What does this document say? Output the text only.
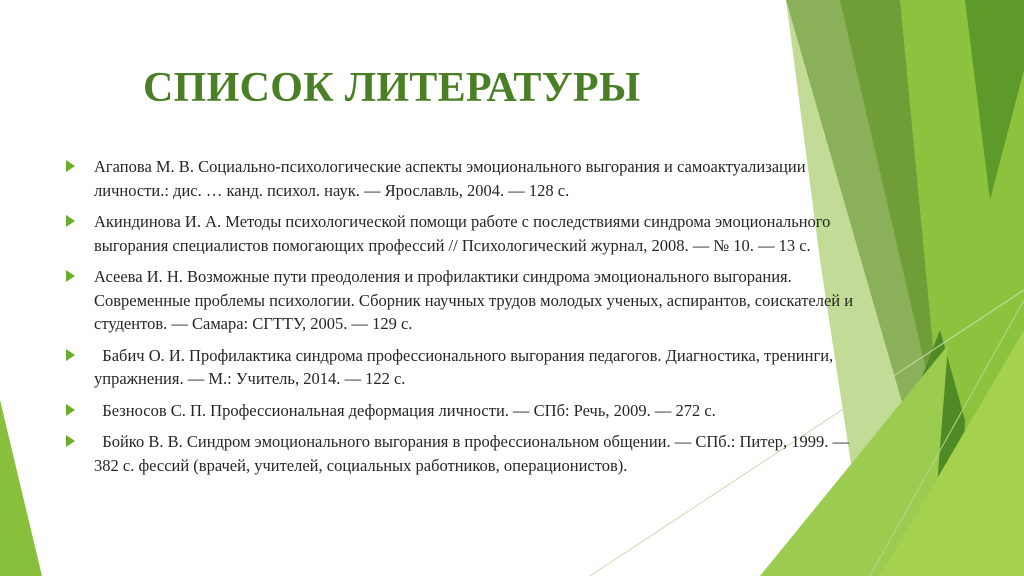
СПИСОК ЛИТЕРАТУРЫ
Агапова М. В. Социально-психологические аспекты эмоционального выгорания и самоактуализации личности.: дис. … канд. психол. наук. — Ярославль, 2004. — 128 с.
Акиндинова И. А. Методы психологической помощи работе с последствиями синдрома эмоционального выгорания специалистов помогающих профессий // Психологический журнал, 2008. — № 10. — 13 с.
Асеева И. Н. Возможные пути преодоления и профилактики синдрома эмоционального выгорания. Современные проблемы психологии. Сборник научных трудов молодых ученых, аспирантов, соискателей и студентов. — Самара: СГТТУ, 2005. — 129 с.
Бабич О. И. Профилактика синдрома профессионального выгорания педагогов. Диагностика, тренинги, упражнения. — М.: Учитель, 2014. — 122 с.
Безносов С. П. Профессиональная деформация личности. — СПб: Речь, 2009. — 272 с.
Бойко В. В. Синдром эмоционального выгорания в профессиональном общении. — СПб.: Питер, 1999. — 382 с. фессий (врачей, учителей, социальных работников, операционистов).
